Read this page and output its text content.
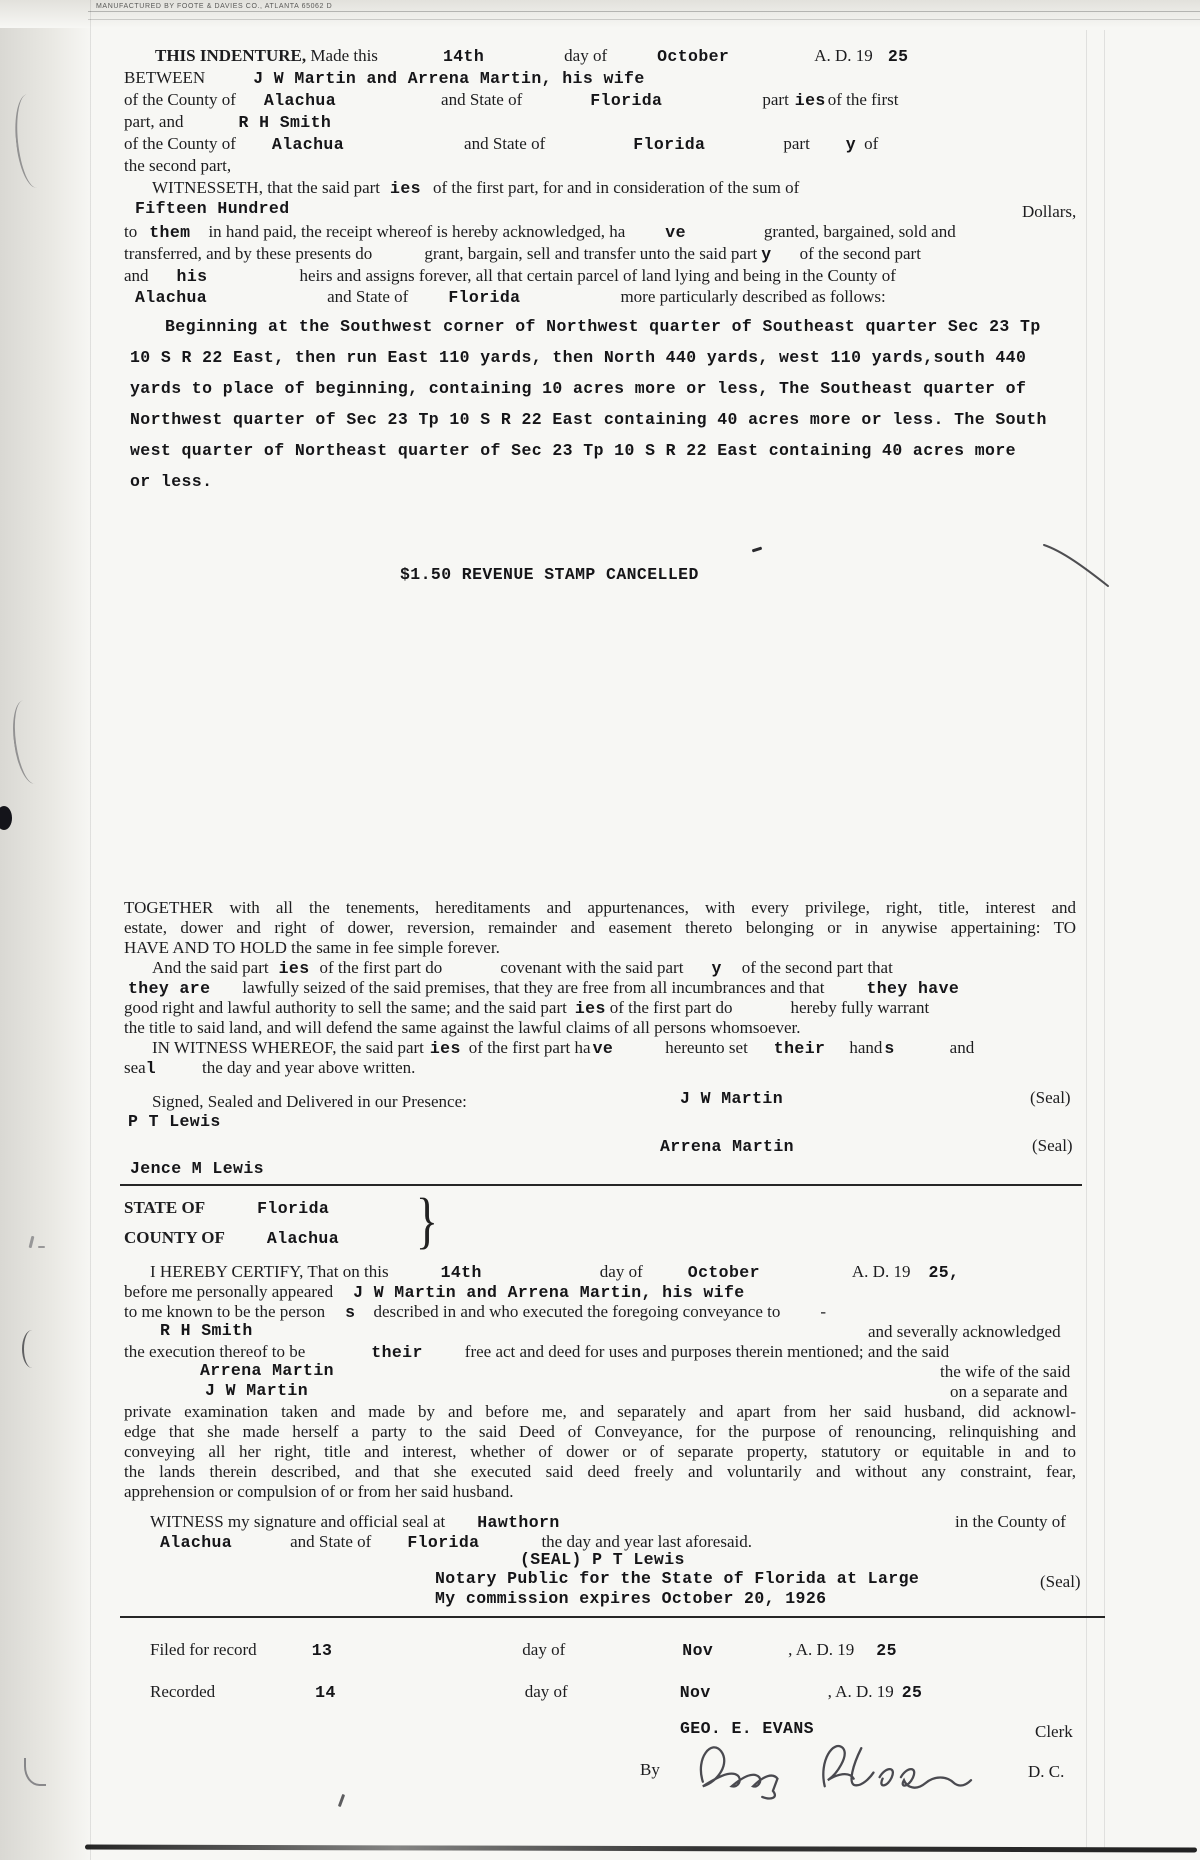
MANUFACTURED BY FOOTE & DAVIES CO., ATLANTA 65062 D
THIS INDENTURE, Made this	14th	day of	October	A. D. 19 25
BETWEEN	J W Martin and Arrena Martin, his wife
of the County of Alachua	and State of	Florida	part ies of the first
part, and	R H Smith
of the County of Alachua	and State of	Florida	part y of
the second part,
WITNESSETH, that the said part ies of the first part, for and in consideration of the sum of
Fifteen Hundred	Dollars,
to them in hand paid, the receipt whereof is hereby acknowledged, ha ve	granted, bargained, sold and
transferred, and by these presents do	grant, bargain, sell and transfer unto the said part y of the second part
and his	heirs and assigns forever, all that certain parcel of land lying and being in the County of
Alachua	and State of Florida	more particularly described as follows:
Beginning at the Southwest corner of Northwest quarter of Southeast quarter Sec 23 Tp
10 S R 22 East, then run East 110 yards, then North 440 yards, west 110 yards,south 440
yards to place of beginning, containing 10 acres more or less, The Southeast quarter of
Northwest quarter of Sec 23 Tp 10 S R 22 East containing 40 acres more or less. The South
west quarter of Northeast quarter of Sec 23 Tp 10 S R 22 East containing 40 acres more
or less.
$1.50 REVENUE STAMP CANCELLED
TOGETHER with all the tenements, hereditaments and appurtenances, with every privilege, right, title, interest and
estate, dower and right of dower, reversion, remainder and easement thereto belonging or in anywise appertaining: TO
HAVE AND TO HOLD the same in fee simple forever.
And the said part ies of the first part do	covenant with the said part y of the second part that
they are lawfully seized of the said premises, that they are free from all incumbrances and that	they have
good right and lawful authority to sell the same; and the said part ies of the first part do	hereby fully warrant
the title to said land, and will defend the same against the lawful claims of all persons whomsoever.
IN WITNESS WHEREOF, the said part ies of the first part ha ve	hereunto set their hand s	and
seal	the day and year above written.
Signed, Sealed and Delivered in our Presence:	J W Martin	(Seal)
P T Lewis
Arrena Martin	(Seal)
Jence M Lewis
STATE OF	Florida
COUNTY OF	Alachua
I HEREBY CERTIFY, That on this	14th	day of	October	A. D. 19 25,
before me personally appeared J W Martin and Arrena Martin, his wife
to me known to be the person s described in and who executed the foregoing conveyance to -
R H Smith	and severally acknowledged
the execution thereof to be	their free act and deed for uses and purposes therein mentioned; and the said
Arrena Martin	the wife of the said
J W Martin	on a separate and
private examination taken and made by and before me, and separately and apart from her said husband, did acknowl-
edge that she made herself a party to the said Deed of Conveyance, for the purpose of renouncing, relinquishing and
conveying all her right, title and interest, whether of dower or of separate property, statutory or equitable in and to
the lands therein described, and that she executed said deed freely and voluntarily and without any constraint, fear,
apprehension or compulsion of or from her said husband.
WITNESS my signature and official seal at Hawthorn	in the County of
Alachua	and State of Florida	the day and year last aforesaid.
(SEAL) P T Lewis
Notary Public for the State of Florida at Large	(Seal)
My commission expires October 20, 1926
Filed for record	13	day of	Nov	, A. D. 19 25
Recorded	14	day of	Nov	, A. D. 19 25
GEO. E. EVANS	Clerk
By	D. C.
}
